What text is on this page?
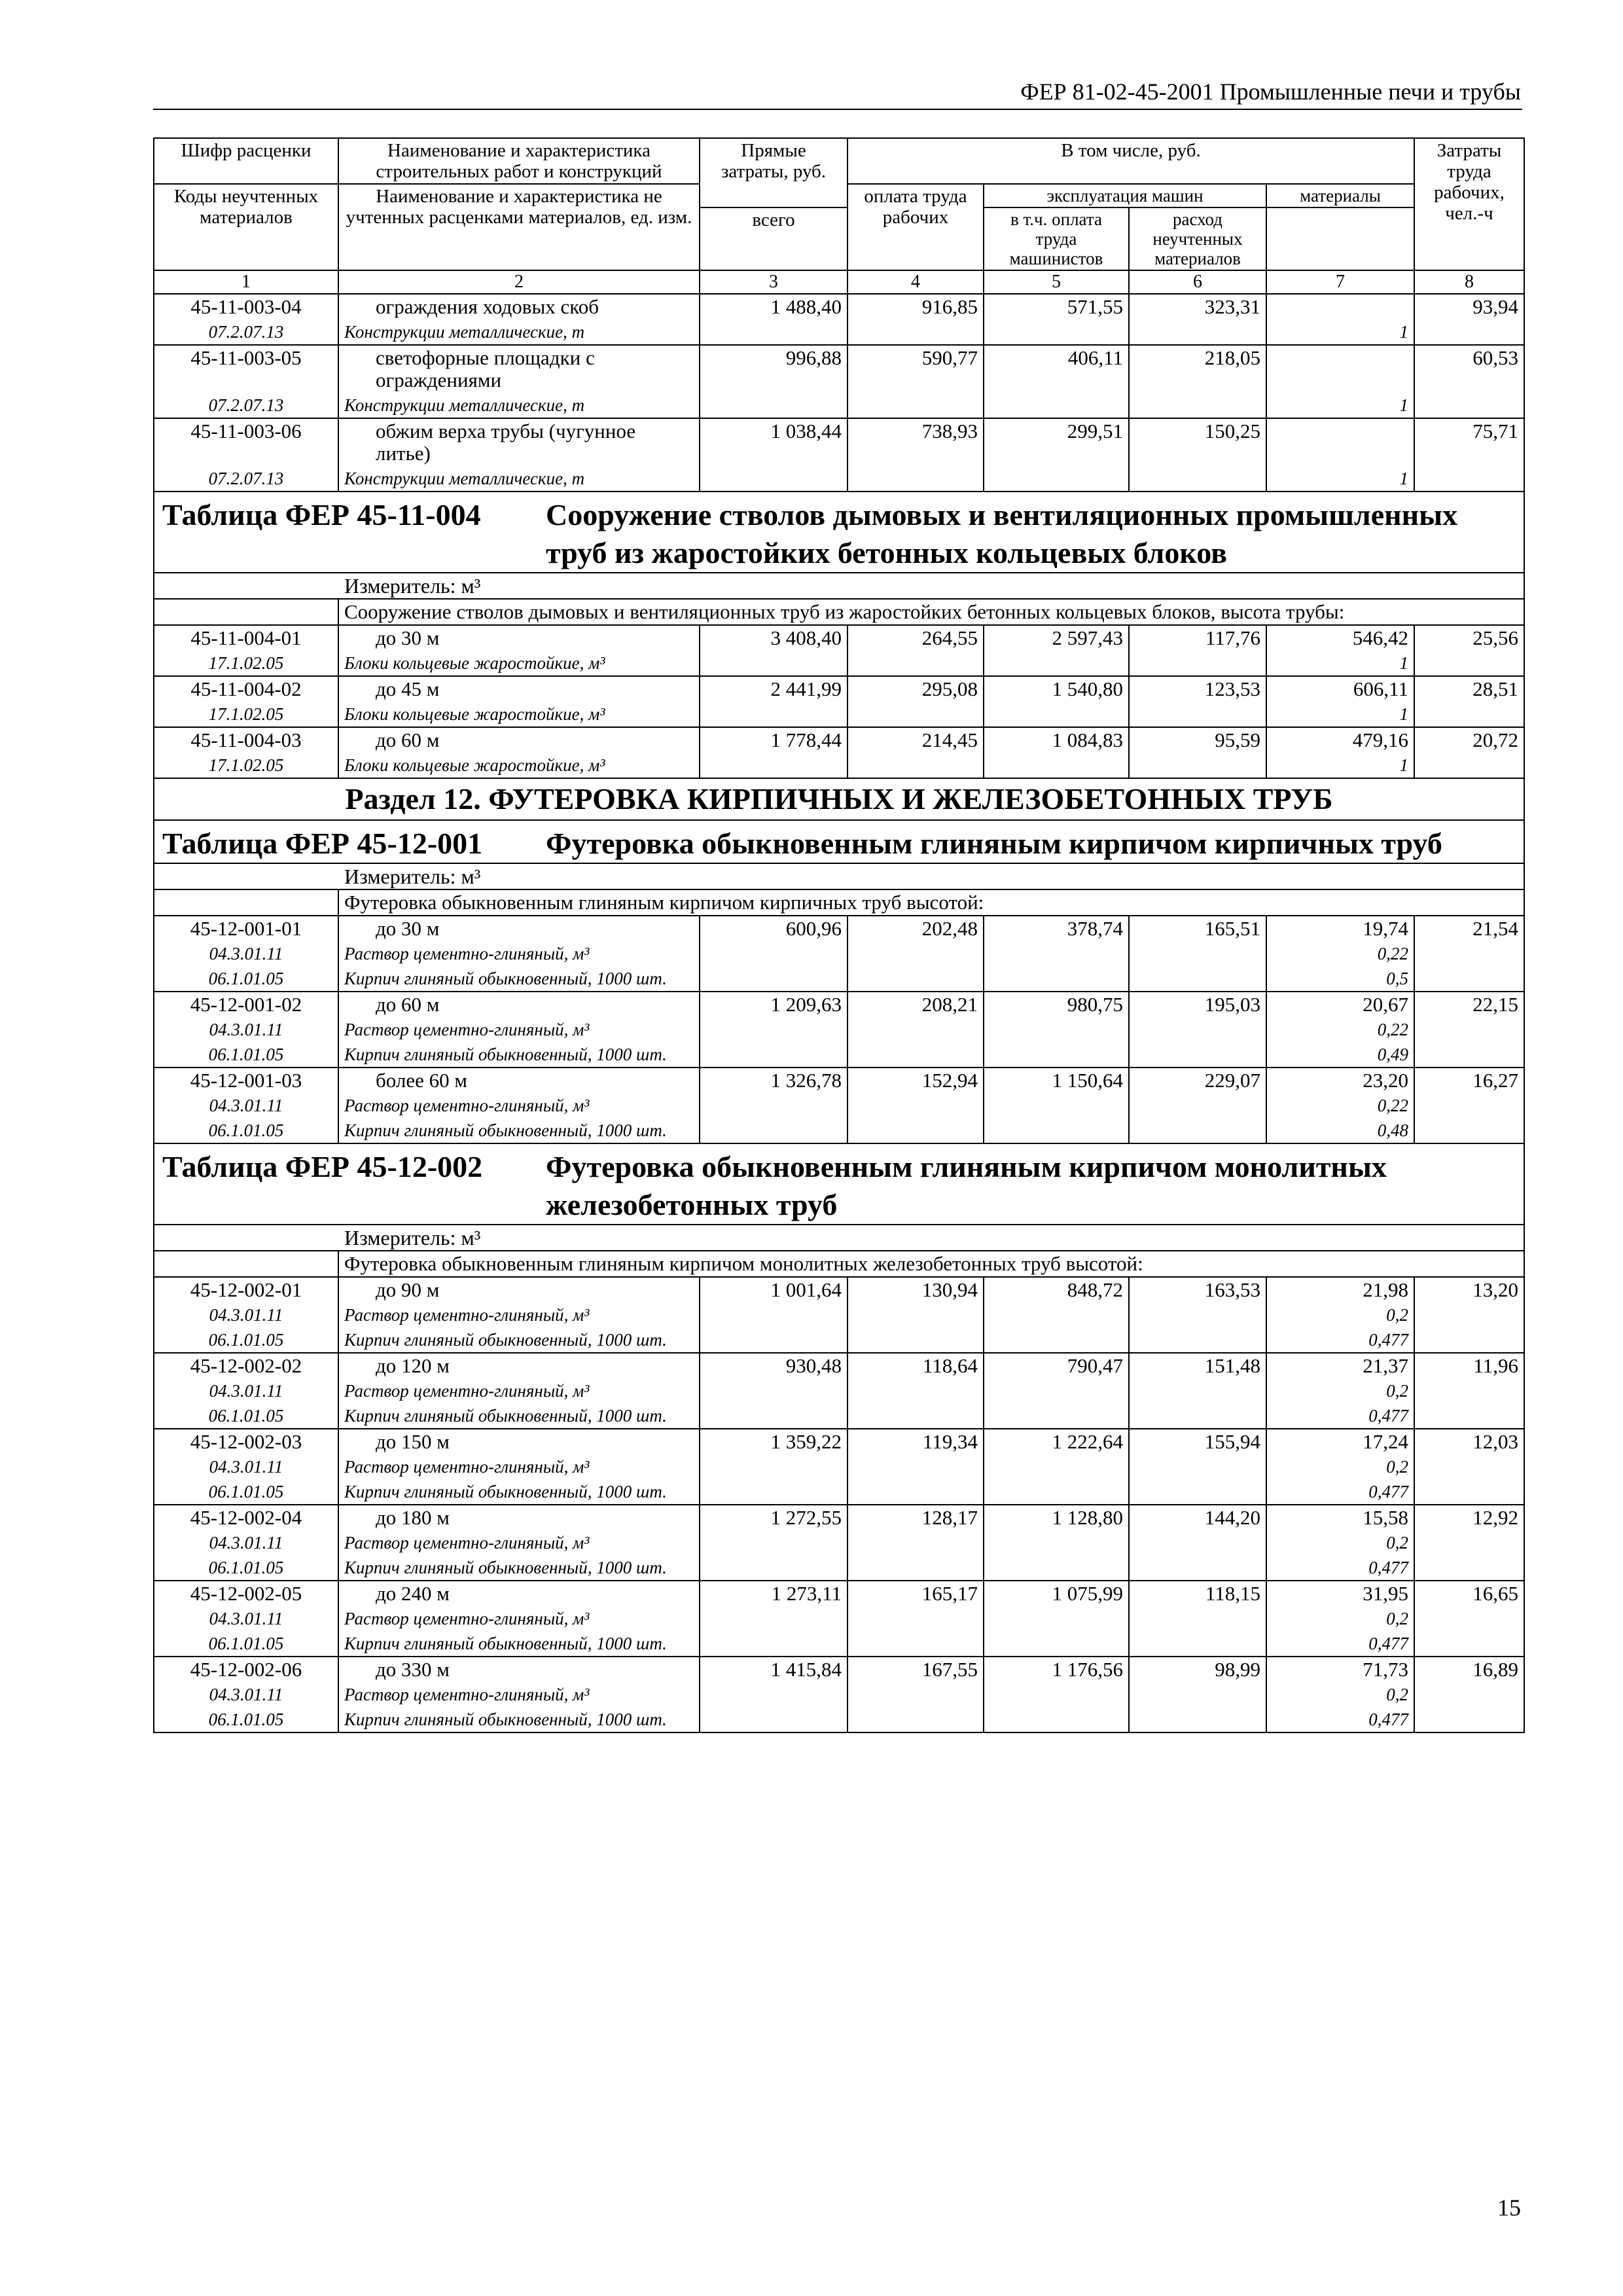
ФЕР 81-02-45-2001 Промышленные печи и трубы
Шифр расценки	Наименование и характеристика строительных работ и конструкций	Прямые затраты, руб.	В том числе, руб.				Затраты труда рабочих, чел.-ч
Коды неучтенных материалов	Наименование и характеристика не учтенных расценками материалов, ед. изм.						
			оплата труда рабочих	эксплуатация машин		материалы	
		всего		в т.ч. оплата труда машинистов	расход неучтенных материалов		
1	2	3	4	5	6	7	8
45-11-003-04	ограждения ходовых скоб	1 488,40	916,85	571,55	323,31		93,94
07.2.07.13	Конструкции металлические, т					1	
45-11-003-05	светофорные площадки с ограждениями	996,88	590,77	406,11	218,05		60,53
07.2.07.13	Конструкции металлические, т					1	
45-11-003-06	обжим верха трубы (чугунное литье)	1 038,44	738,93	299,51	150,25		75,71
07.2.07.13	Конструкции металлические, т					1	
Таблица ФЕР 45-11-004 Сооружение стволов дымовых и вентиляционных промышленных труб из жаростойких бетонных кольцевых блоков							
Измеритель: м³							
	Сооружение стволов дымовых и вентиляционных труб из жаростойких бетонных кольцевых блоков, высота трубы:						
45-11-004-01	до 30 м	3 408,40	264,55	2 597,43	117,76	546,42	25,56
17.1.02.05	Блоки кольцевые жаростойкие, м³					1	
45-11-004-02	до 45 м	2 441,99	295,08	1 540,80	123,53	606,11	28,51
17.1.02.05	Блоки кольцевые жаростойкие, м³					1	
45-11-004-03	до 60 м	1 778,44	214,45	1 084,83	95,59	479,16	20,72
17.1.02.05	Блоки кольцевые жаростойкие, м³					1	
Раздел 12. ФУТЕРОВКА КИРПИЧНЫХ И ЖЕЛЕЗОБЕТОННЫХ ТРУБ							
Таблица ФЕР 45-12-001 Футеровка обыкновенным глиняным кирпичом кирпичных труб							
Измеритель: м³							
	Футеровка обыкновенным глиняным кирпичом кирпичных труб высотой:						
45-12-001-01	до 30 м	600,96	202,48	378,74	165,51	19,74	21,54
04.3.01.11	Раствор цементно-глиняный, м³					0,22	
06.1.01.05	Кирпич глиняный обыкновенный, 1000 шт.					0,5	
45-12-001-02	до 60 м	1 209,63	208,21	980,75	195,03	20,67	22,15
04.3.01.11	Раствор цементно-глиняный, м³					0,22	
06.1.01.05	Кирпич глиняный обыкновенный, 1000 шт.					0,49	
45-12-001-03	более 60 м	1 326,78	152,94	1 150,64	229,07	23,20	16,27
04.3.01.11	Раствор цементно-глиняный, м³					0,22	
06.1.01.05	Кирпич глиняный обыкновенный, 1000 шт.					0,48	
Таблица ФЕР 45-12-002 Футеровка обыкновенным глиняным кирпичом монолитных железобетонных труб							
Измеритель: м³							
	Футеровка обыкновенным глиняным кирпичом монолитных железобетонных труб высотой:						
45-12-002-01	до 90 м	1 001,64	130,94	848,72	163,53	21,98	13,20
04.3.01.11	Раствор цементно-глиняный, м³					0,2	
06.1.01.05	Кирпич глиняный обыкновенный, 1000 шт.					0,477	
45-12-002-02	до 120 м	930,48	118,64	790,47	151,48	21,37	11,96
04.3.01.11	Раствор цементно-глиняный, м³					0,2	
06.1.01.05	Кирпич глиняный обыкновенный, 1000 шт.					0,477	
45-12-002-03	до 150 м	1 359,22	119,34	1 222,64	155,94	17,24	12,03
04.3.01.11	Раствор цементно-глиняный, м³					0,2	
06.1.01.05	Кирпич глиняный обыкновенный, 1000 шт.					0,477	
45-12-002-04	до 180 м	1 272,55	128,17	1 128,80	144,20	15,58	12,92
04.3.01.11	Раствор цементно-глиняный, м³					0,2	
06.1.01.05	Кирпич глиняный обыкновенный, 1000 шт.					0,477	
45-12-002-05	до 240 м	1 273,11	165,17	1 075,99	118,15	31,95	16,65
04.3.01.11	Раствор цементно-глиняный, м³					0,2	
06.1.01.05	Кирпич глиняный обыкновенный, 1000 шт.					0,477	
45-12-002-06	до 330 м	1 415,84	167,55	1 176,56	98,99	71,73	16,89
04.3.01.11	Раствор цементно-глиняный, м³					0,2	
06.1.01.05	Кирпич глиняный обыкновенный, 1000 шт.					0,477	
15
